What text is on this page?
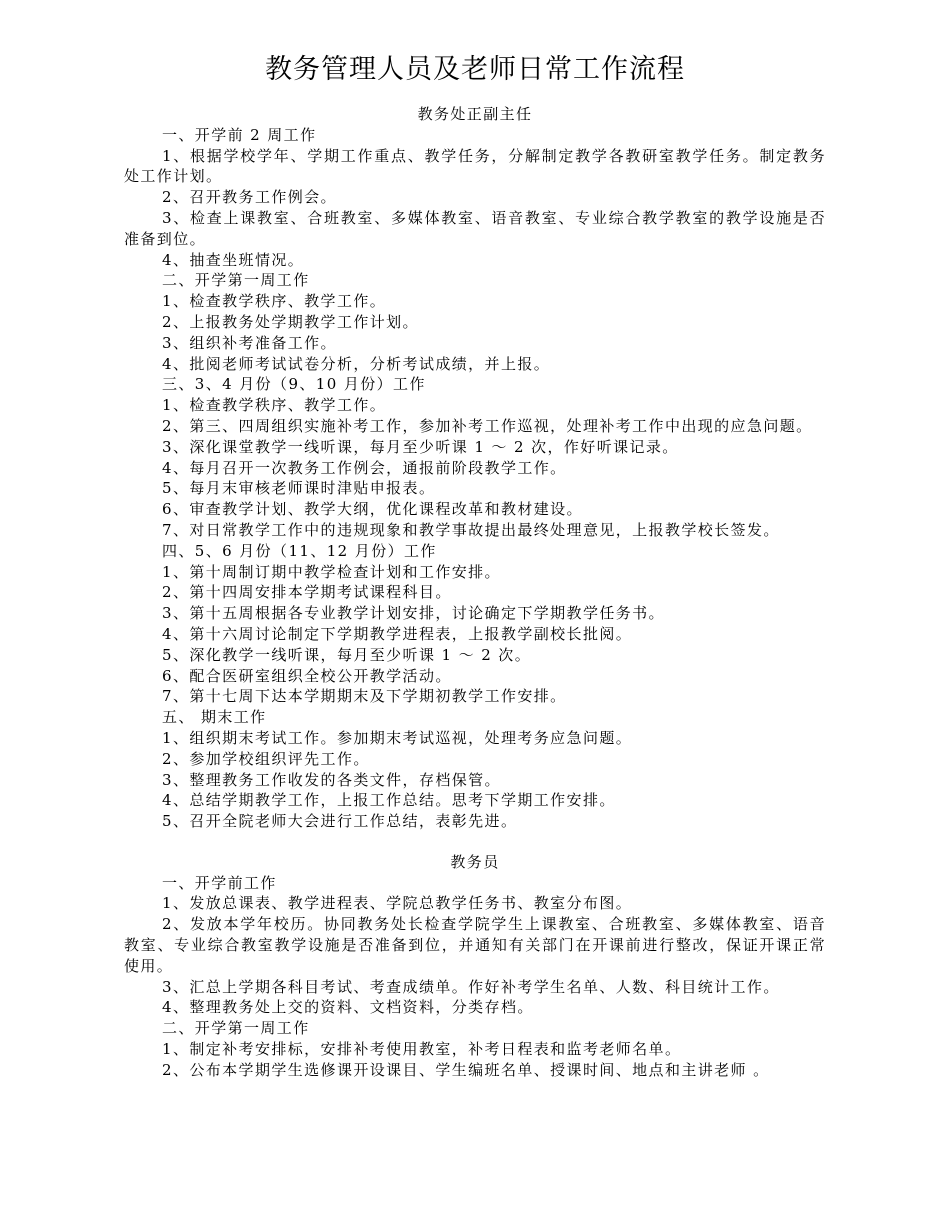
教务管理人员及老师日常工作流程

教务处正副主任

一、开学前 2 周工作

1、根据学校学年、学期工作重点、教学任务，分解制定教学各教研室教学任务。制定教务处工作计划。

2、召开教务工作例会。

3、检查上课教室、合班教室、多媒体教室、语音教室、专业综合教学教室的教学设施是否准备到位。

4、抽查坐班情况。

二、开学第一周工作

1、检查教学秩序、教学工作。

2、上报教务处学期教学工作计划。

3、组织补考准备工作。

4、批阅老师考试试卷分析，分析考试成绩，并上报。

三、3、4 月份（9、10 月份）工作

1、检查教学秩序、教学工作。

2、第三、四周组织实施补考工作，参加补考工作巡视，处理补考工作中出现的应急问题。

3、深化课堂教学一线听课，每月至少听课 1 ～ 2 次，作好听课记录。

4、每月召开一次教务工作例会，通报前阶段教学工作。

5、每月末审核老师课时津贴申报表。

6、审查教学计划、教学大纲，优化课程改革和教材建设。

7、对日常教学工作中的违规现象和教学事故提出最终处理意见，上报教学校长签发。

四、5、6 月份（11、12 月份）工作

1、第十周制订期中教学检查计划和工作安排。

2、第十四周安排本学期考试课程科目。

3、第十五周根据各专业教学计划安排，讨论确定下学期教学任务书。

4、第十六周讨论制定下学期教学进程表，上报教学副校长批阅。

5、深化教学一线听课，每月至少听课 1 ～ 2 次。

6、配合医研室组织全校公开教学活动。

7、第十七周下达本学期期末及下学期初教学工作安排。

五、 期末工作

1、组织期末考试工作。参加期末考试巡视，处理考务应急问题。

2、参加学校组织评先工作。

3、整理教务工作收发的各类文件，存档保管。

4、总结学期教学工作，上报工作总结。思考下学期工作安排。

5、召开全院老师大会进行工作总结，表彰先进。

教务员

一、开学前工作

1、发放总课表、教学进程表、学院总教学任务书、教室分布图。

2、发放本学年校历。协同教务处长检查学院学生上课教室、合班教室、多媒体教室、语音教室、专业综合教室教学设施是否准备到位，并通知有关部门在开课前进行整改，保证开课正常使用。

3、汇总上学期各科目考试、考查成绩单。作好补考学生名单、人数、科目统计工作。

4、整理教务处上交的资料、文档资料，分类存档。

二、开学第一周工作

1、制定补考安排标，安排补考使用教室，补考日程表和监考老师名单。

2、公布本学期学生选修课开设课目、学生编班名单、授课时间、地点和主讲老师 。
